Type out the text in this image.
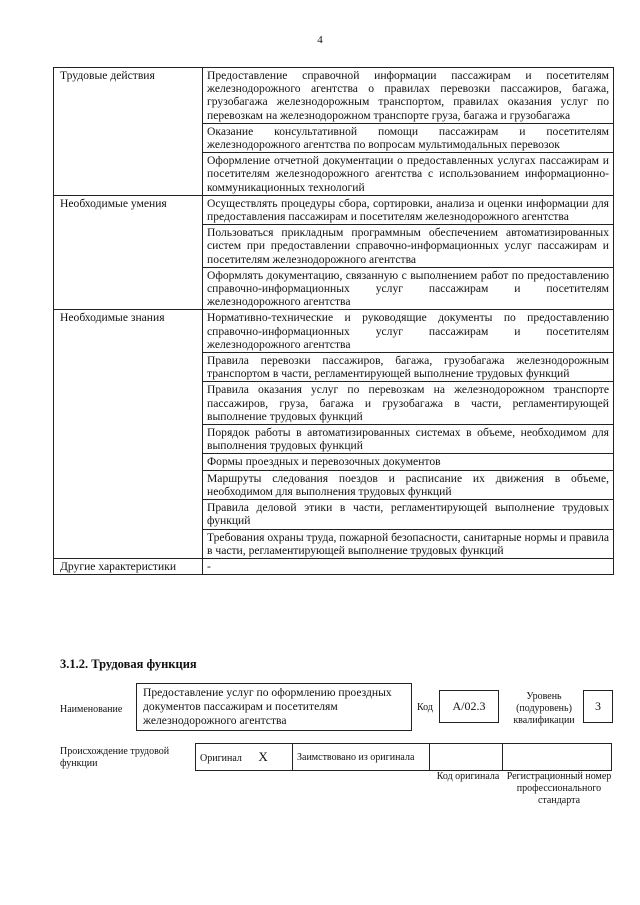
4
Трудовые действия	Предоставление справочной информации пассажирам и посетителям железнодорожного агентства о правилах перевозки пассажиров, багажа, грузобагажа железнодорожным транспортом, правилах оказания услуг по перевозкам на железнодорожном транспорте груза, багажа и грузобагажа
	Оказание консультативной помощи пассажирам и посетителям железнодорожного агентства по вопросам мультимодальных перевозок
	Оформление отчетной документации о предоставленных услугах пассажирам и посетителям железнодорожного агентства с использованием информационно-коммуникационных технологий
Необходимые умения	Осуществлять процедуры сбора, сортировки, анализа и оценки информации для предоставления пассажирам и посетителям железнодорожного агентства
	Пользоваться прикладным программным обеспечением автоматизированных систем при предоставлении справочно-информационных услуг пассажирам и посетителям железнодорожного агентства
	Оформлять документацию, связанную с выполнением работ по предоставлению справочно-информационных услуг пассажирам и посетителям железнодорожного агентства
Необходимые знания	Нормативно-технические и руководящие документы по предоставлению справочно-информационных услуг пассажирам и посетителям железнодорожного агентства
	Правила перевозки пассажиров, багажа, грузобагажа железнодорожным транспортом в части, регламентирующей выполнение трудовых функций
	Правила оказания услуг по перевозкам на железнодорожном транспорте пассажиров, груза, багажа и грузобагажа в части, регламентирующей выполнение трудовых функций
	Порядок работы в автоматизированных системах в объеме, необходимом для выполнения трудовых функций
	Формы проездных и перевозочных документов
	Маршруты следования поездов и расписание их движения в объеме, необходимом для выполнения трудовых функций
	Правила деловой этики в части, регламентирующей выполнение трудовых функций
	Требования охраны труда, пожарной безопасности, санитарные нормы и правила в части, регламентирующей выполнение трудовых функций
Другие характеристики	-
3.1.2. Трудовая функция
Наименование
Предоставление услуг по оформлению проездных документов пассажирам и посетителям железнодорожного агентства
Код	A/02.3
Уровень (подуровень) квалификации
3
Происхождение трудовой функции	Оригинал X	Заимствовано из оригинала		
Код оригинала Регистрационный номер профессионального стандарта
